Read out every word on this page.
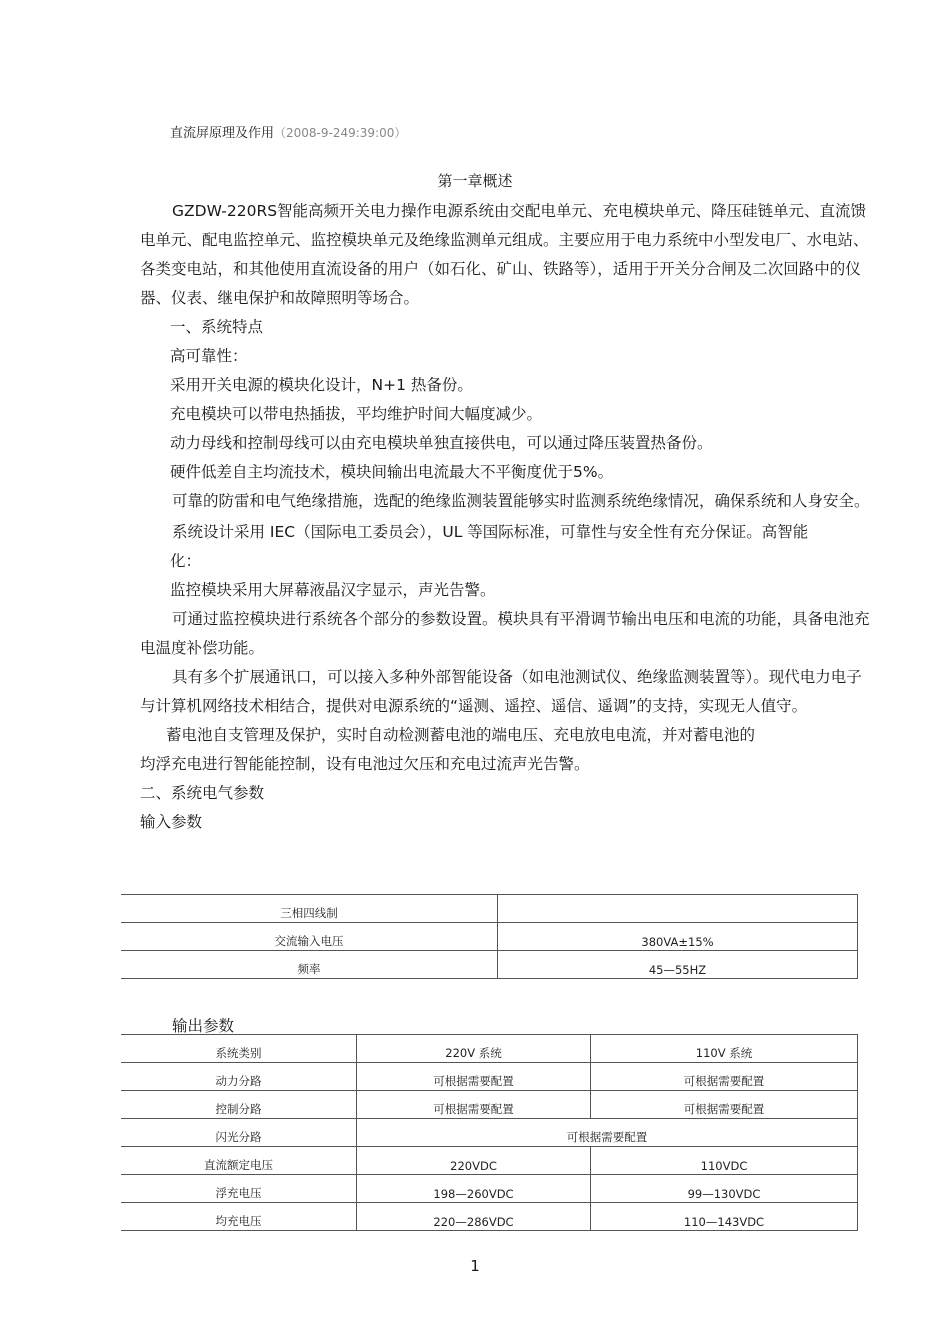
直流屏原理及作用（2008-9-249:39:00）
第一章概述

GZDW-220RS智能高频开关电力操作电源系统由交配电单元、充电模块单元、降压硅链单元、直流馈电单元、配电监控单元、监控模块单元及绝缘监测单元组成。主要应用于电力系统中小型发电厂、水电站、各类变电站，和其他使用直流设备的用户（如石化、矿山、铁路等），适用于开关分合闸及二次回路中的仪器、仪表、继电保护和故障照明等场合。

一、系统特点

高可靠性：

采用开关电源的模块化设计，N+1 热备份。

充电模块可以带电热插拔，平均维护时间大幅度减少。

动力母线和控制母线可以由充电模块单独直接供电，可以通过降压装置热备份。

硬件低差自主均流技术，模块间输出电流最大不平衡度优于5%。

可靠的防雷和电气绝缘措施，选配的绝缘监测装置能够实时监测系统绝缘情况，确保系统和人身安全。

系统设计采用 IEC（国际电工委员会），UL 等国际标准，可靠性与安全性有充分保证。高智能

化：

监控模块采用大屏幕液晶汉字显示，声光告警。

可通过监控模块进行系统各个部分的参数设置。模块具有平滑调节输出电压和电流的功能，具备电池充电温度补偿功能。

具有多个扩展通讯口，可以接入多种外部智能设备（如电池测试仪、绝缘监测装置等）。现代电力电子与计算机网络技术相结合，提供对电源系统的“遥测、遥控、遥信、遥调”的支持，实现无人值守。

蓄电池自支管理及保护，实时自动检测蓄电池的端电压、充电放电电流，并对蓄电池的

均浮充电进行智能能控制，设有电池过欠压和充电过流声光告警。

二、系统电气参数

输入参数

三相四线制	
交流输入电压	380VA±15%
频率	45—55HZ
输出参数
系统类别	220V 系统	110V 系统
动力分路	可根据需要配置	可根据需要配置
控制分路	可根据需要配置	可根据需要配置
闪光分路	可根据需要配置	
直流额定电压	220VDC	110VDC
浮充电压	198—260VDC	99—130VDC
均充电压	220—286VDC	110—143VDC
1
